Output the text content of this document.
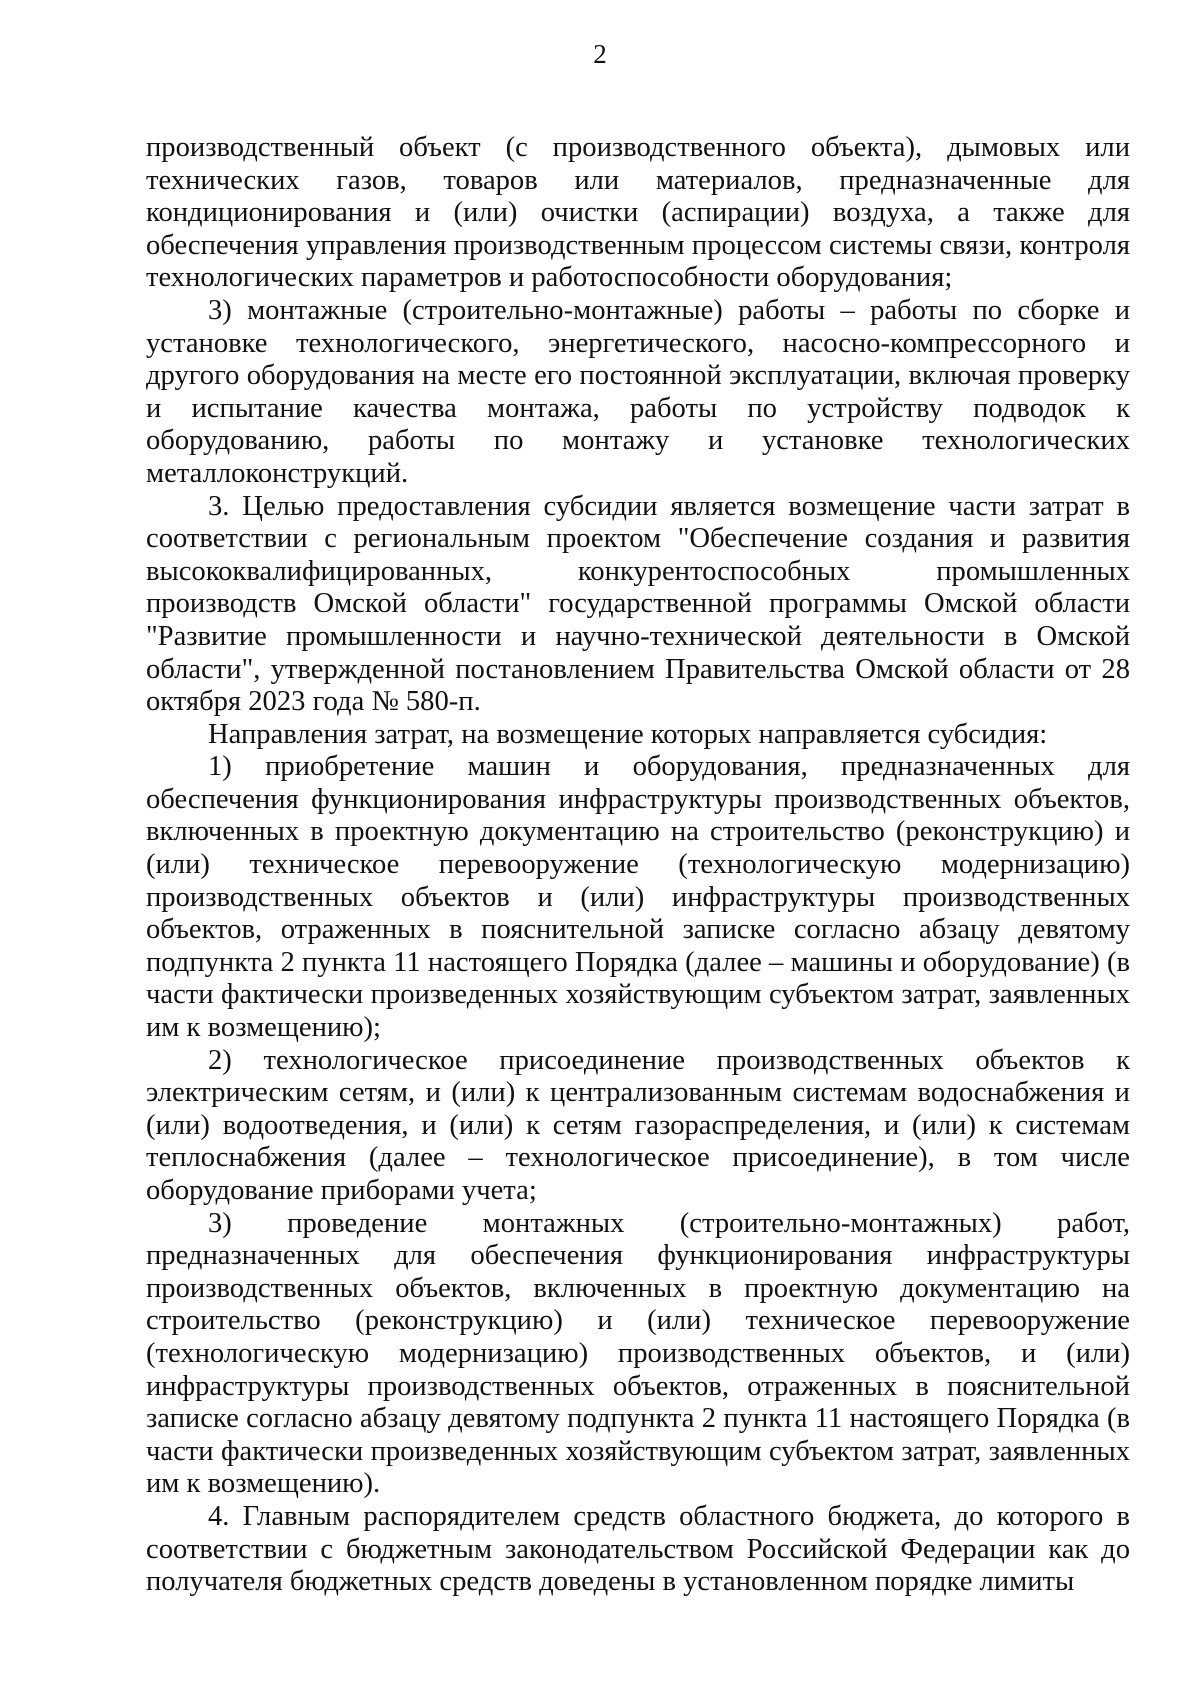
2

производственный объект (с производственного объекта), дымовых или технических газов, товаров или материалов, предназначенные для кондиционирования и (или) очистки (аспирации) воздуха, а также для обеспечения управления производственным процессом системы связи, контроля технологических параметров и работоспособности оборудования;

3) монтажные (строительно-монтажные) работы – работы по сборке и установке технологического, энергетического, насосно-компрессорного и другого оборудования на месте его постоянной эксплуатации, включая проверку и испытание качества монтажа, работы по устройству подводок к оборудованию, работы по монтажу и установке технологических металлоконструкций.

3. Целью предоставления субсидии является возмещение части затрат в соответствии с региональным проектом "Обеспечение создания и развития высококвалифицированных, конкурентоспособных промышленных производств Омской области" государственной программы Омской области "Развитие промышленности и научно-технической деятельности в Омской области", утвержденной постановлением Правительства Омской области от 28 октября 2023 года № 580-п.

Направления затрат, на возмещение которых направляется субсидия:

1) приобретение машин и оборудования, предназначенных для обеспечения функционирования инфраструктуры производственных объектов, включенных в проектную документацию на строительство (реконструкцию) и (или) техническое перевооружение (технологическую модернизацию) производственных объектов и (или) инфраструктуры производственных объектов, отраженных в пояснительной записке согласно абзацу девятому подпункта 2 пункта 11 настоящего Порядка (далее – машины и оборудование) (в части фактически произведенных хозяйствующим субъектом затрат, заявленных им к возмещению);

2) технологическое присоединение производственных объектов к электрическим сетям, и (или) к централизованным системам водоснабжения и (или) водоотведения, и (или) к сетям газораспределения, и (или) к системам теплоснабжения (далее – технологическое присоединение), в том числе оборудование приборами учета;

3) проведение монтажных (строительно-монтажных) работ, предназначенных для обеспечения функционирования инфраструктуры производственных объектов, включенных в проектную документацию на строительство (реконструкцию) и (или) техническое перевооружение (технологическую модернизацию) производственных объектов, и (или) инфраструктуры производственных объектов, отраженных в пояснительной записке согласно абзацу девятому подпункта 2 пункта 11 настоящего Порядка (в части фактически произведенных хозяйствующим субъектом затрат, заявленных им к возмещению).

4. Главным распорядителем средств областного бюджета, до которого в соответствии с бюджетным законодательством Российской Федерации как до получателя бюджетных средств доведены в установленном порядке лимиты
